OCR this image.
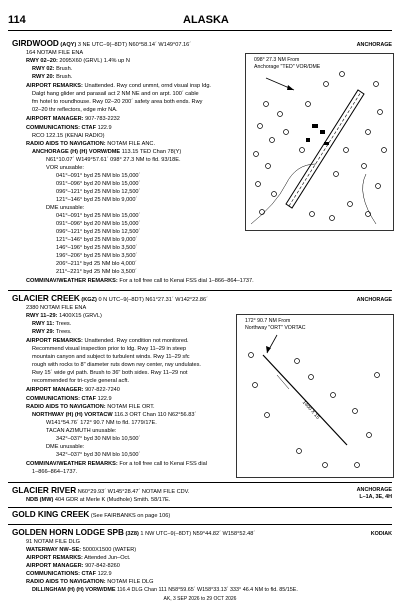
114	ALASKA
ANCHORAGE
GIRDWOOD (AQY) 3 NE UTC–9(–8DT) N60°58.14´ W149°07.16´
164 NOTAM FILE ENA
RWY 02–20: 2095X60 (GRVL) 1.4% up N
RWY 02: Brush.
RWY 20: Brush.
AIRPORT REMARKS: Unattended. Rwy cond unmnt, ornd visual insp Idg.
Dalgt hang glider and parasail act 2 NM NE and on arpt. 100´ cable
fm hotel to roundhouse. Rwy 02–20 200´ safety area both ends. Rwy
02–20 thr reflectors, edge mkr NA.
AIRPORT MANAGER: 907-783-2232
COMMUNICATIONS: CTAF 122.9
RCO 122.15 (KENAI RADIO)
RADIO AIDS TO NAVIGATION: NOTAM FILE ANC.
ANCHORAGE (H) (H) VORW/DME 113.15 TED Chan 78(Y)
N61°10.07´ W149°57.61´ 098° 27.3 NM to fld. 93/18E.
VOR unusable:
041°–091° byd 25 NM blo 15,000´
091°–096° byd 20 NM blo 15,000´
096°–121° byd 25 NM blo 12,500´
121°–146° byd 25 NM blo 9,000´
DME unusable:
041°–091° byd 25 NM blo 15,000´
091°–096° byd 20 NM blo 15,000´
096°–121° byd 25 NM blo 12,500´
121°–146° byd 25 NM blo 9,000´
146°–196° byd 25 NM blo 3,500´
196°–206° byd 25 NM blo 3,500´
206°–211° byd 25 NM blo 4,000´
211°–221° byd 25 NM blo 3,500´
COMM/NAV/WEATHER REMARKS: For a toll free call to Kenai FSS dial 1–866–864–1737.
098° 27.3 NM From
Anchorage "TED" VOR/DME
ANCHORAGE
GLACIER CREEK (KGZ) 0 N UTC–9(–8DT) N61°27.31´ W142°22.86´
2380 NOTAM FILE ENA
RWY 11–29: 1400X15 (GRVL)
RWY 11: Trees.
RWY 29: Trees.
AIRPORT REMARKS: Unattended. Rwy condition not monitored.
Recommend visual inspection prior to ldg. Rwy 11–29 in steep
mountain canyon and subject to turbulent winds. Rwy 11–29 sfc
rough with rocks to 8" diameter ruts down rwy center, rwy undulates.
Rwy 15´ wide gvl path. Brush to 36" both sides. Rwy 11–29 not
recommended for tri-cycle general acft.
AIRPORT MANAGER: 907-822-7240
COMMUNICATIONS: CTAF 122.9
RADIO AIDS TO NAVIGATION: NOTAM FILE ORT.
NORTHWAY (H) (H) VORTACW 116.3 ORT Chan 110 N62°56.83´
W141°54.76´ 172° 90.7 NM to fld. 1779/17E.
TACAN AZIMUTH unusable:
342°–037° byd 30 NM blo 10,500´
DME unusable:
342°–037° byd 30 NM blo 10,500´
COMM/NAV/WEATHER REMARKS: For a toll free call to Kenai FSS dial
1–866–864–1737.
172° 90.7 NM From
Northway "ORT" VORTAC
1400 X 15
ANCHORAGE
L–1A, 3E, 4H
GLACIER RIVER N60°29.93´ W145°28.47´ NOTAM FILE CDV.
NDB (MW) 404 GDR at Merle K (Mudhole) Smith. 58/17E.
GOLD KING CREEK (See FAIRBANKS on page 106)
KODIAK
GOLDEN HORN LODGE SPB (3Z8) 1 NW UTC–9(–8DT) N59°44.82´ W158°52.48´
91 NOTAM FILE DLG
WATERWAY NW–SE: 5000X1500 (WATER)
AIRPORT REMARKS: Attended Jun–Oct.
AIRPORT MANAGER: 907-842-8260
COMMUNICATIONS: CTAF 122.9
RADIO AIDS TO NAVIGATION: NOTAM FILE DLG
DILLINGHAM (H) (H) VORW/DME 116.4 DLG Chan 111 N58°59.65´ W158°33.13´ 333° 46.4 NM to fld. 85/15E.
AK, 3 SEP 2026 to 29 OCT 2026
